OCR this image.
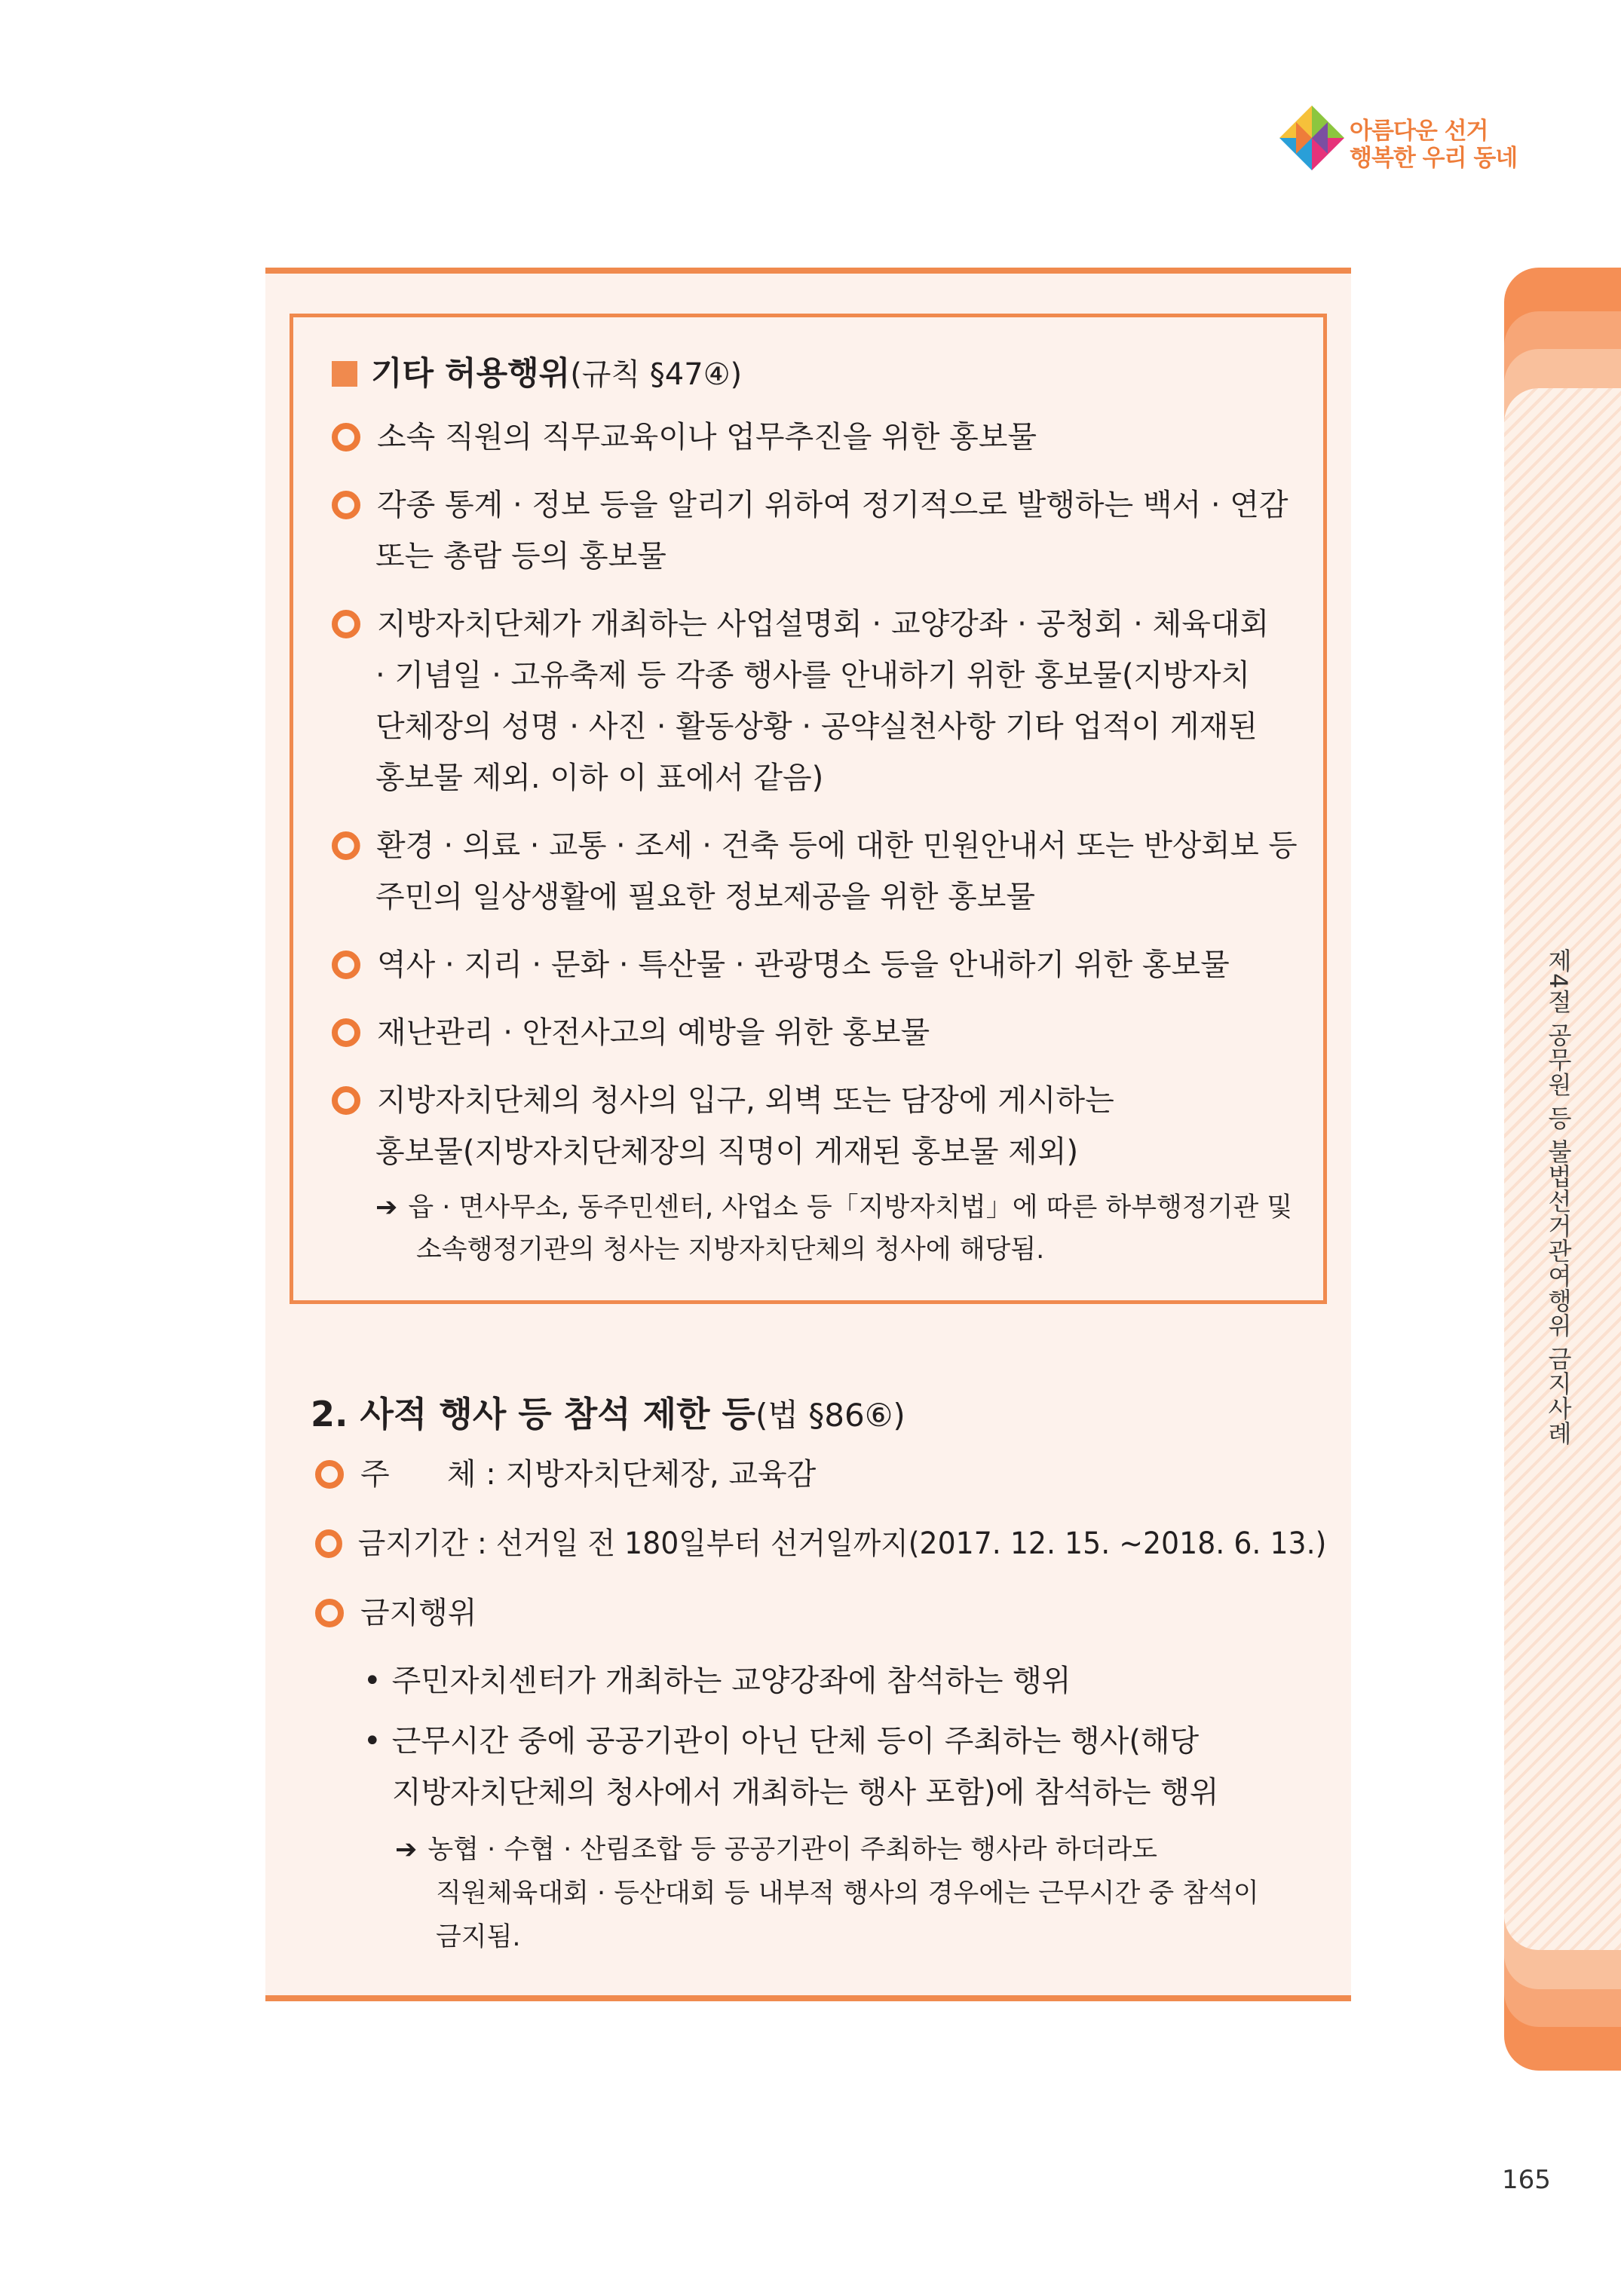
아름다운 선거
행복한 우리 동네
제4절 공무원 등 불법선거관여행위 금지사례
기타 허용행위(규칙 §47④)
소속 직원의 직무교육이나 업무추진을 위한 홍보물
각종 통계 · 정보 등을 알리기 위하여 정기적으로 발행하는 백서 · 연감
또는 총람 등의 홍보물
지방자치단체가 개최하는 사업설명회 · 교양강좌 · 공청회 · 체육대회
· 기념일 · 고유축제 등 각종 행사를 안내하기 위한 홍보물(지방자치
단체장의 성명 · 사진 · 활동상황 · 공약실천사항 기타 업적이 게재된
홍보물 제외. 이하 이 표에서 같음)
환경 · 의료 · 교통 · 조세 · 건축 등에 대한 민원안내서 또는 반상회보 등
주민의 일상생활에 필요한 정보제공을 위한 홍보물
역사 · 지리 · 문화 · 특산물 · 관광명소 등을 안내하기 위한 홍보물
재난관리 · 안전사고의 예방을 위한 홍보물
지방자치단체의 청사의 입구, 외벽 또는 담장에 게시하는
홍보물(지방자치단체장의 직명이 게재된 홍보물 제외)
➔ 읍 · 면사무소, 동주민센터, 사업소 등「지방자치법」에 따른 하부행정기관 및
소속행정기관의 청사는 지방자치단체의 청사에 해당됨.
2. 사적 행사 등 참석 제한 등(법 §86⑥)
주      체 : 지방자치단체장, 교육감
금지기간 : 선거일 전 180일부터 선거일까지(2017. 12. 15. ~2018. 6. 13.)
금지행위
• 주민자치센터가 개최하는 교양강좌에 참석하는 행위
• 근무시간 중에 공공기관이 아닌 단체 등이 주최하는 행사(해당
지방자치단체의 청사에서 개최하는 행사 포함)에 참석하는 행위
➔ 농협 · 수협 · 산림조합 등 공공기관이 주최하는 행사라 하더라도
직원체육대회 · 등산대회 등 내부적 행사의 경우에는 근무시간 중 참석이
금지됨.
165
